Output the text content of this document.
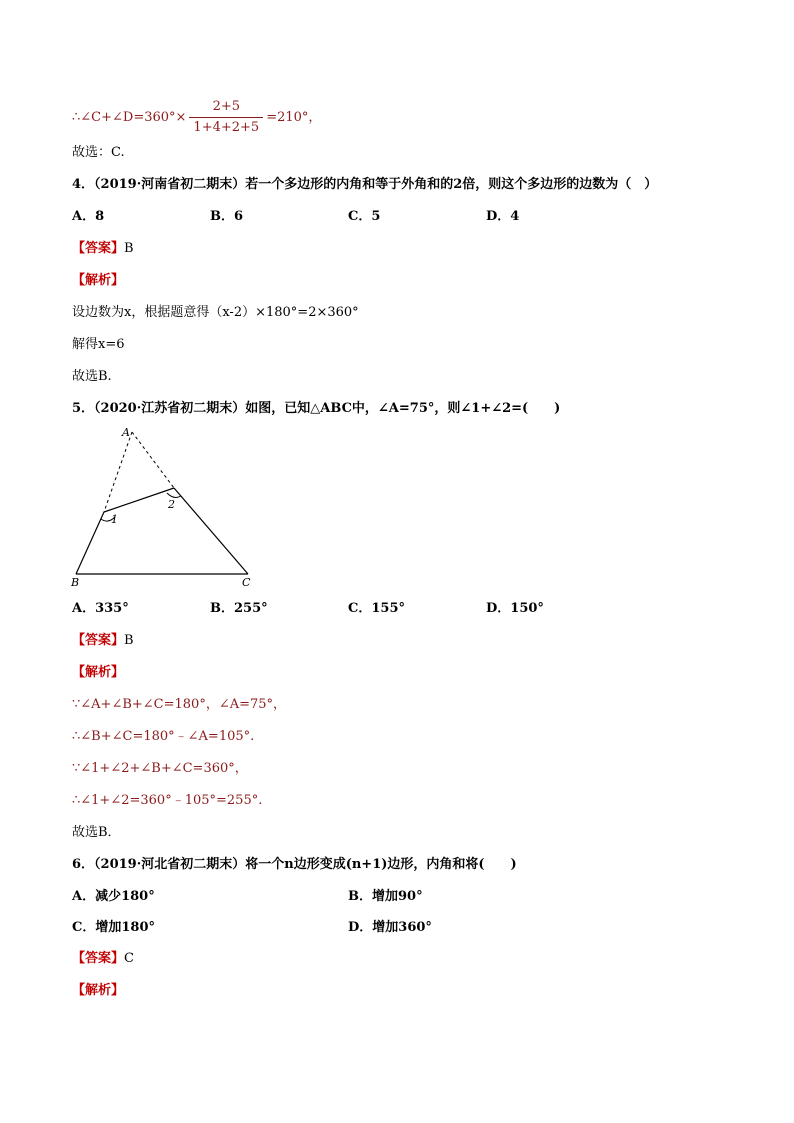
∴∠C+∠D=360°× $\frac{2+5}{1+4+2+5} =210^\circ$，
故选：C.
4．（2019·河南省初二期末）若一个多边形的内角和等于外角和的2倍，则这个多边形的边数为（　）
A．8	B．6	C．5	D．4
【答案】B
【解析】
设边数为x，根据题意得（x-2）×180°=2×360°
解得x=6
故选B.
5．（2020·江苏省初二期末）如图，已知△ABC中，∠A=75°，则∠1+∠2=(　　)
A
B	C
1
2
A．335°	B．255°	C．155°	D．150°
【答案】B
【解析】
∵∠A+∠B+∠C=180°，∠A=75°，
∴∠B+∠C=180°﹣∠A=105°.
∵∠1+∠2+∠B+∠C=360°，
∴∠1+∠2=360°﹣105°=255°.
故选B．
6．（2019·河北省初二期末）将一个n边形变成(n+1)边形，内角和将(　　)
A．减少180°	B．增加90°
C．增加180°	D．增加360°
【答案】C
【解析】
